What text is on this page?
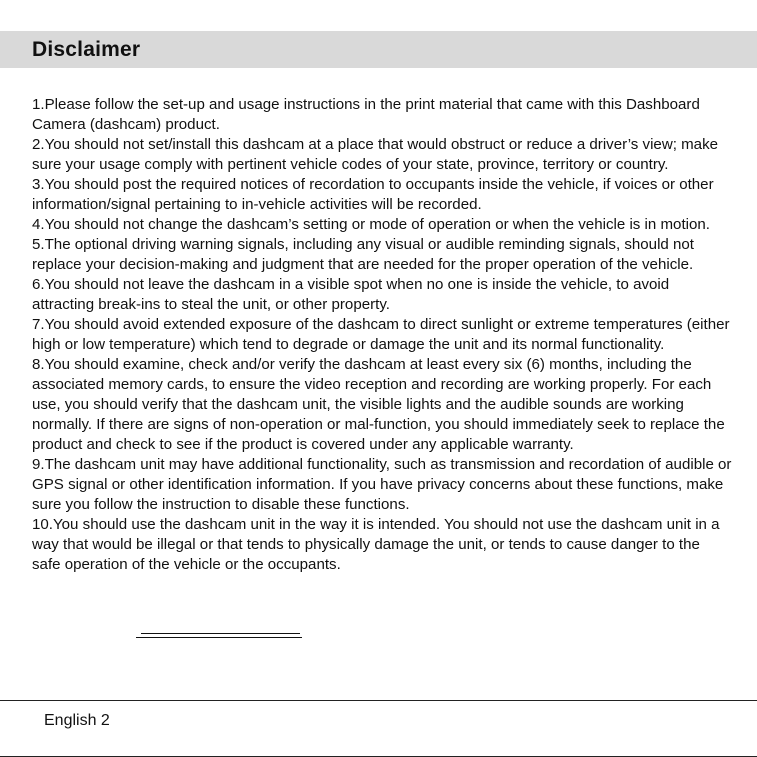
Disclaimer

1.Please follow the set-up and usage instructions in the print material that came with this Dashboard Camera (dashcam) product.

2.You should not set/install this dashcam at a place that would obstruct or reduce a driver’s view; make sure your usage comply with pertinent vehicle codes of your state, province, territory or country.

3.You should post the required notices of recordation to occupants inside the vehicle, if voices or other information/signal pertaining to in-vehicle activities will be recorded.

4.You should not change the dashcam’s setting or mode of operation or when the vehicle is in motion.

5.The optional driving warning signals, including any visual or audible reminding signals, should not replace your decision-making and judgment that are needed for the proper operation of the vehicle.

6.You should not leave the dashcam in a visible spot when no one is inside the vehicle, to avoid attracting break-ins to steal the unit, or other property.

7.You should avoid extended exposure of the dashcam to direct sunlight or extreme temperatures (either high or low temperature) which tend to degrade or damage the unit and its normal functionality.

8.You should examine, check and/or verify the dashcam at least every six (6) months, including the associated memory cards, to ensure the video reception and recording are working properly. For each use, you should verify that the dashcam unit, the visible lights and the audible sounds are working normally. If there are signs of non-operation or mal-function, you should immediately seek to replace the product and check to see if the product is covered under any applicable warranty.

9.The dashcam unit may have additional functionality, such as transmission and recordation of audible or GPS signal or other identification information. If you have privacy concerns about these functions, make sure you follow the instruction to disable these functions.

10.You should use the dashcam unit in the way it is intended. You should not use the dashcam unit in a way that would be illegal or that tends to physically damage the unit, or tends to cause danger to the safe operation of the vehicle or the occupants.

English 2
